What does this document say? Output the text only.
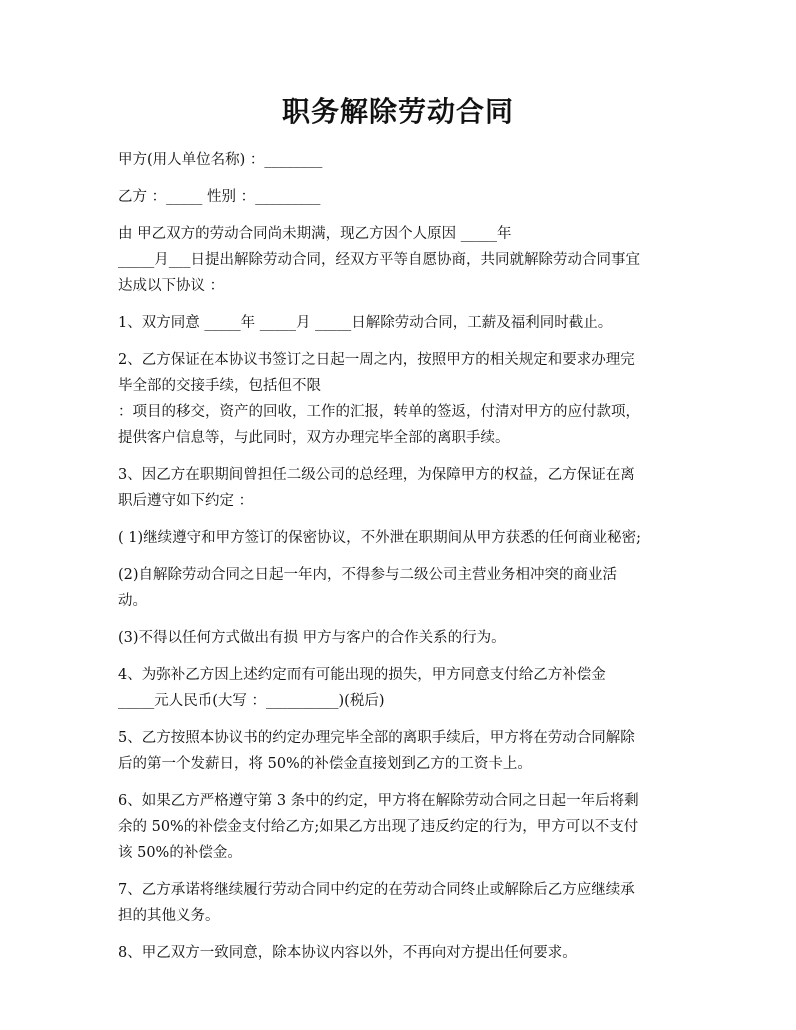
职务解除劳动合同

甲方(用人单位名称) ：________

乙方 ：_____ 性别 ：_________

由 甲乙双方的劳动合同尚未期满，现乙方因个人原因 _____年
_____月___日提出解除劳动合同，经双方平等自愿协商，共同就解除劳动合同事宜
达成以下协议 ：

1、双方同意 _____年 _____月 _____日解除劳动合同，工薪及福利同时截止。

2、乙方保证在本协议书签订之日起一周之内，按照甲方的相关规定和要求办理完
毕全部的交接手续，包括但不限
：项目的移交，资产的回收，工作的汇报，转单的签返，付清对甲方的应付款项，
提供客户信息等，与此同时，双方办理完毕全部的离职手续。

3、因乙方在职期间曾担任二级公司的总经理，为保障甲方的权益，乙方保证在离
职后遵守如下约定 ：

( 1)继续遵守和甲方签订的保密协议，不外泄在职期间从甲方获悉的任何商业秘密;

(2)自解除劳动合同之日起一年内，不得参与二级公司主营业务相冲突的商业活
动。

(3)不得以任何方式做出有损 甲方与客户的合作关系的行为。

4、为弥补乙方因上述约定而有可能出现的损失，甲方同意支付给乙方补偿金
_____元人民币(大写 ：__________)(税后)

5、乙方按照本协议书的约定办理完毕全部的离职手续后，甲方将在劳动合同解除
后的第一个发薪日，将 50%的补偿金直接划到乙方的工资卡上。

6、如果乙方严格遵守第 3 条中的约定，甲方将在解除劳动合同之日起一年后将剩
余的 50%的补偿金支付给乙方;如果乙方出现了违反约定的行为，甲方可以不支付
该 50%的补偿金。

7、乙方承诺将继续履行劳动合同中约定的在劳动合同终止或解除后乙方应继续承
担的其他义务。

8、甲乙双方一致同意，除本协议内容以外，不再向对方提出任何要求。
